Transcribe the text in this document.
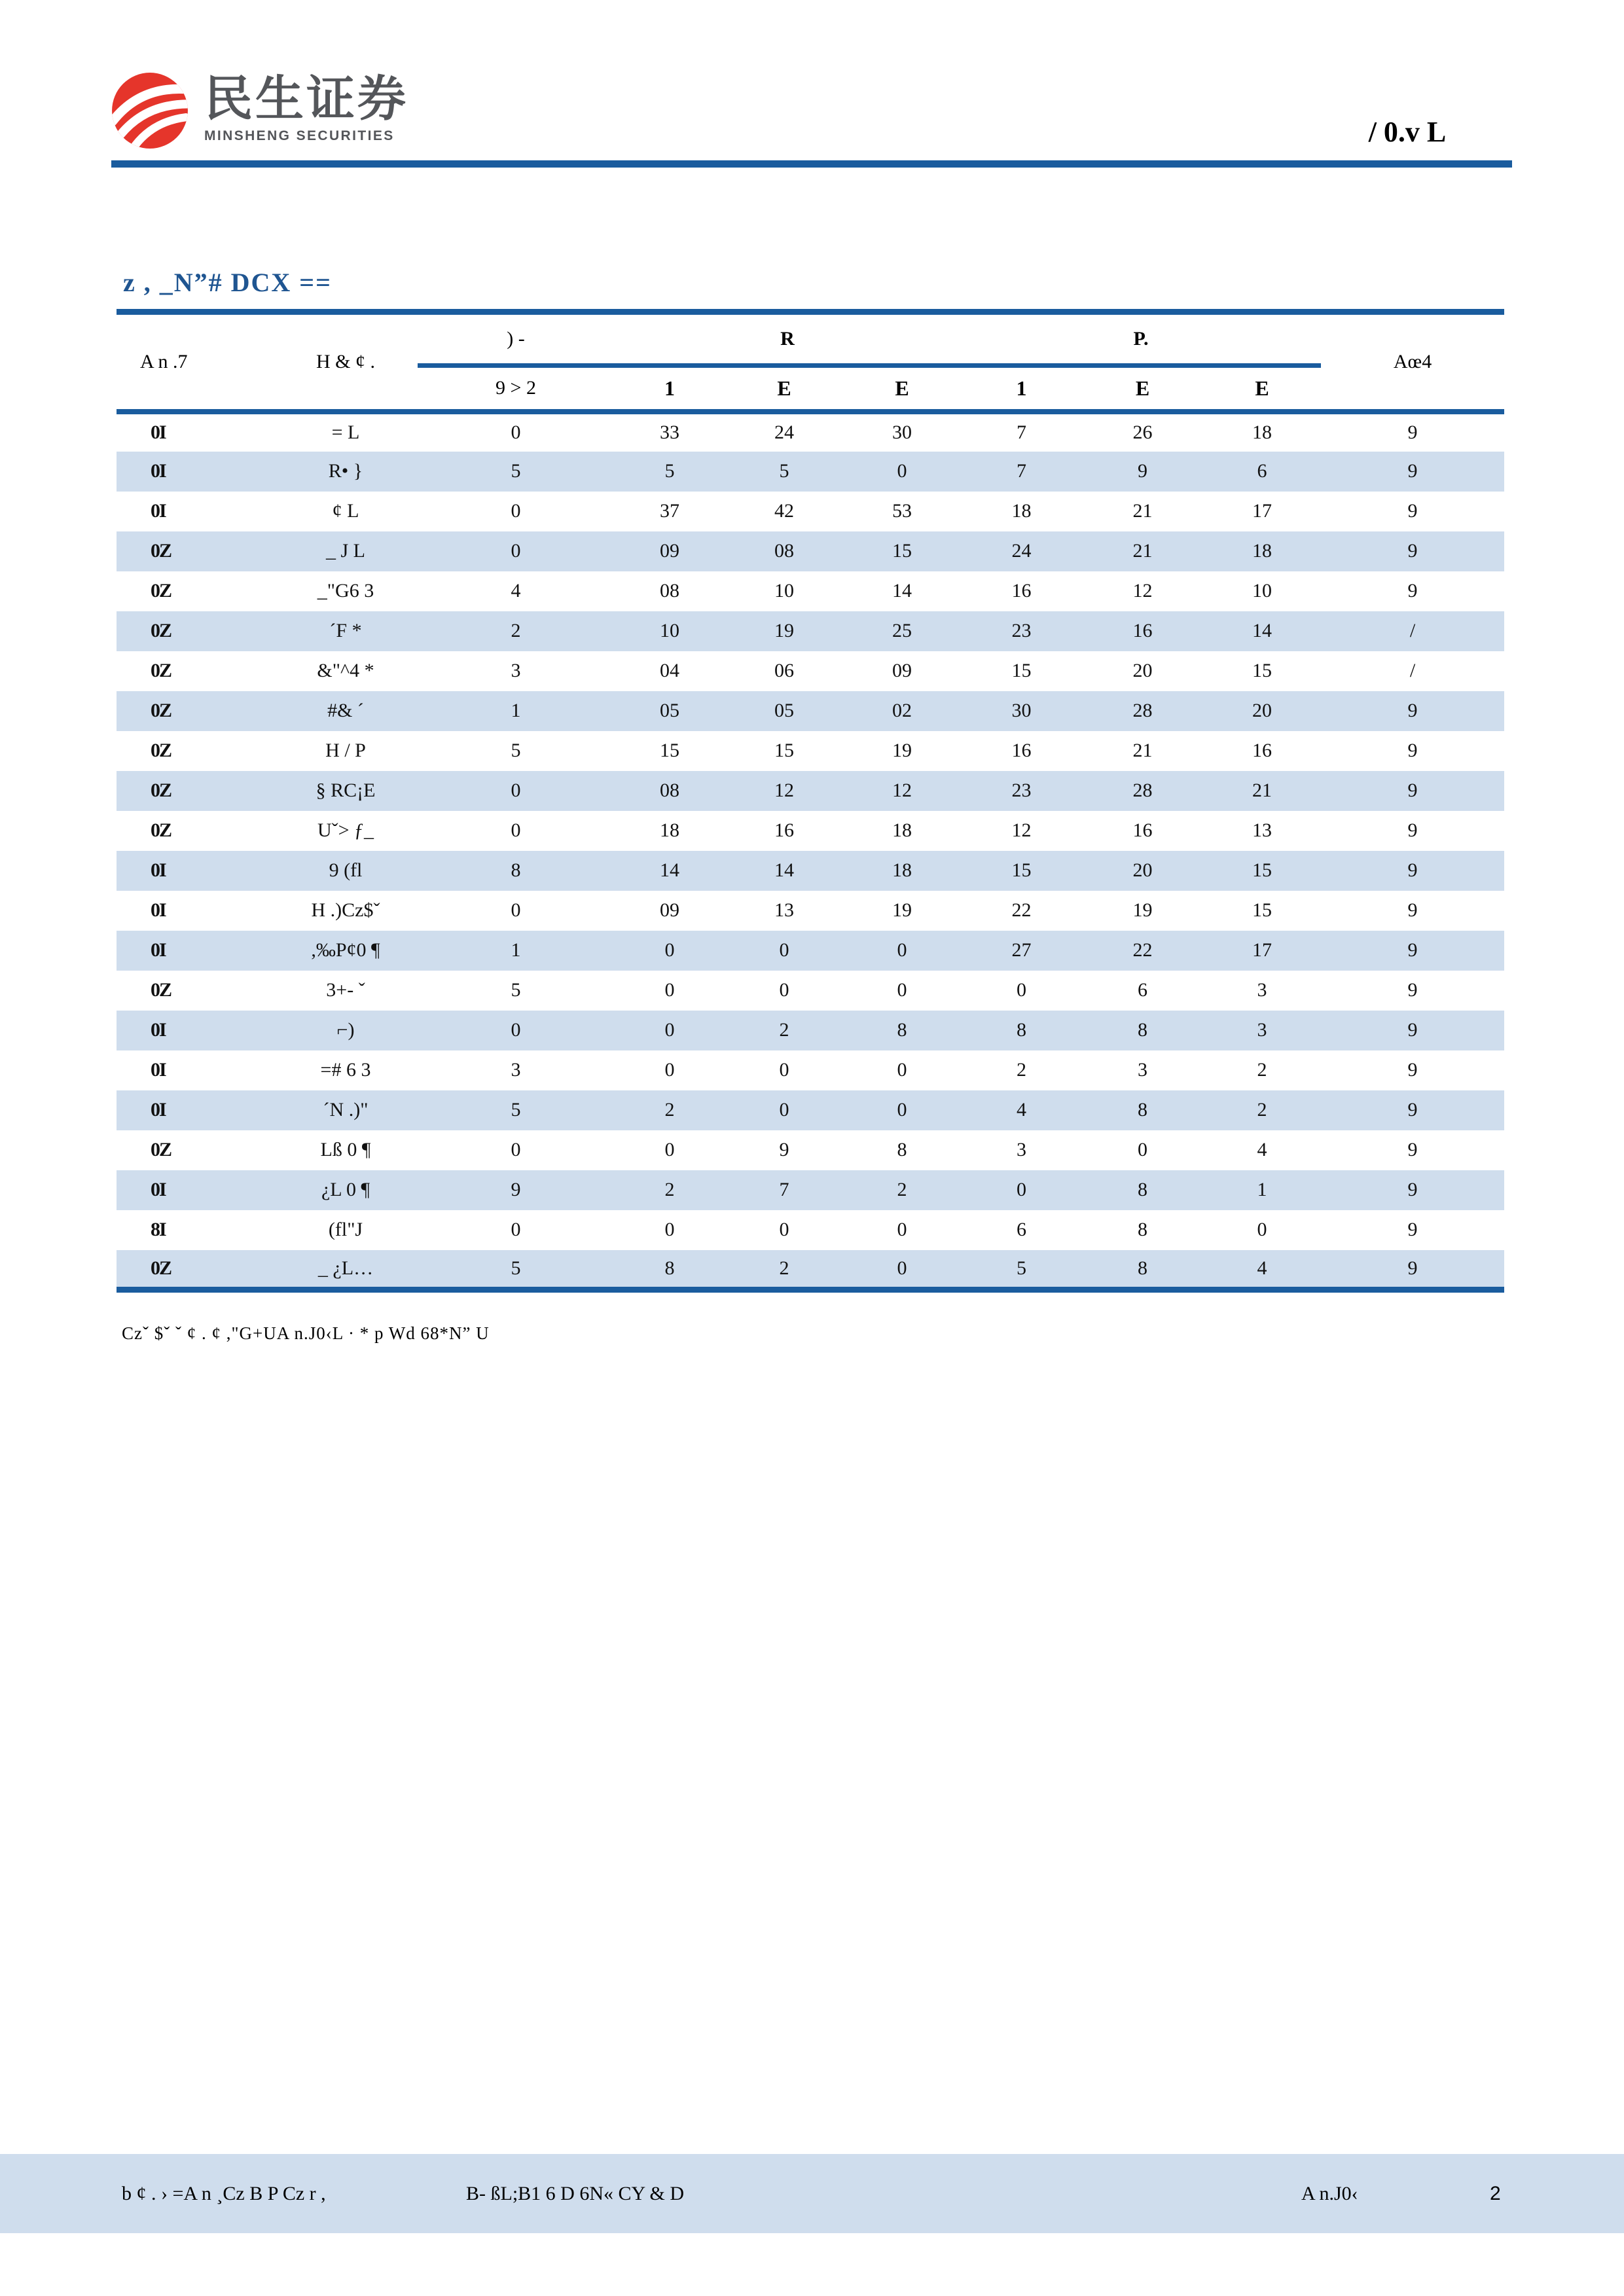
民生证券
MINSHENG SECURITIES	/ 0.v L
z , _N”# DCX ==
A n .7	H & ¢ .	) -	R			P.			Aœ4
		9 > 2	1	E	E	1	E	E	
0I	= L	0	33	24	30	7	26	18	9
0I	R• }	5	5	5	0	7	9	6	9
0I	¢ L	0	37	42	53	18	21	17	9
0Z	_ J L	0	09	08	15	24	21	18	9
0Z	_"G6 3	4	08	10	14	16	12	10	9
0Z	´F *	2	10	19	25	23	16	14	/
0Z	&"^4 *	3	04	06	09	15	20	15	/
0Z	#& ´	1	05	05	02	30	28	20	9
0Z	H / P	5	15	15	19	16	21	16	9
0Z	§ RC¡E	0	08	12	12	23	28	21	9
0Z	Uˇ> ƒ_	0	18	16	18	12	16	13	9
0I	9 (fl	8	14	14	18	15	20	15	9
0I	H .)Cz$ˇ	0	09	13	19	22	19	15	9
0I	,‰P¢0 ¶	1	0	0	0	27	22	17	9
0Z	3+- ˇ	5	0	0	0	0	6	3	9
0I	⌐)	0	0	2	8	8	8	3	9
0I	=# 6 3	3	0	0	0	2	3	2	9
0I	´N .)"	5	2	0	0	4	8	2	9
0Z	Lß 0 ¶	0	0	9	8	3	0	4	9
0I	¿L 0 ¶	9	2	7	2	0	8	1	9
8I	(fl"J	0	0	0	0	6	8	0	9
0Z	_ ¿L…	5	8	2	0	5	8	4	9
Czˇ $ˇ ˇ ¢ . ¢ ,"G+UA n.J0‹L · * p Wd 68*N” U
b ¢ . › =A n ¸Cz B P Cz r ,	B- ßL;B1 6 D 6N« CY & D	A n.J0‹	2
